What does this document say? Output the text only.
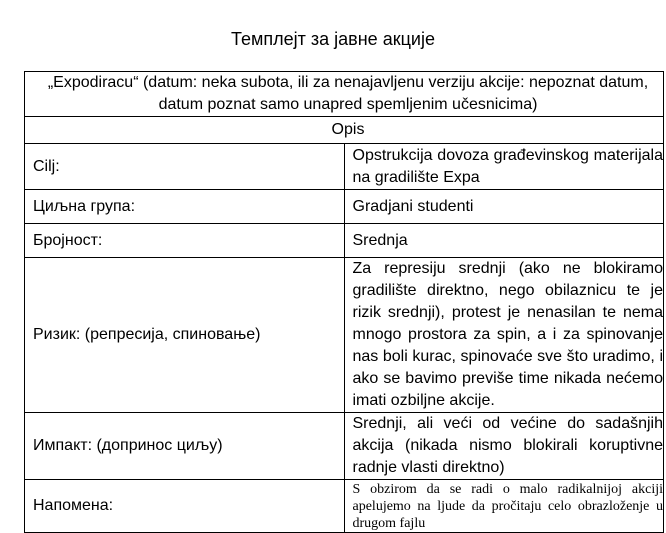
Темплејт за јавне акције
„Expodiracu“ (datum: neka subota, ili za nenajavljenu verziju akcije: nepoznat datum, datum poznat samo unapred spemljenim učesnicima)	
Opis	
Cilj:	Opstrukcija dovoza građevinskog materijala na gradilište Expa
Циљна група:	Gradjani studenti
Бројност:	Srednja
Ризик: (репресија, спиновање)	Za represiju srednji (ako ne blokiramo gradilište direktno, nego obilaznicu te je rizik srednji), protest je nenasilan te nema mnogo prostora za spin, a i za spinovanje nas boli kurac, spinovaće sve što uradimo, i ako se bavimo previše time nikada nećemo imati ozbiljne akcije.
Импакт: (допринос циљу)	Srednji, ali veći od većine do sadašnjih akcija (nikada nismo blokirali koruptivne radnje vlasti direktno)
Напомена:	S obzirom da se radi o malo radikalnijoj akciji apelujemo na ljude da pročitaju celo obrazloženje u drugom fajlu
